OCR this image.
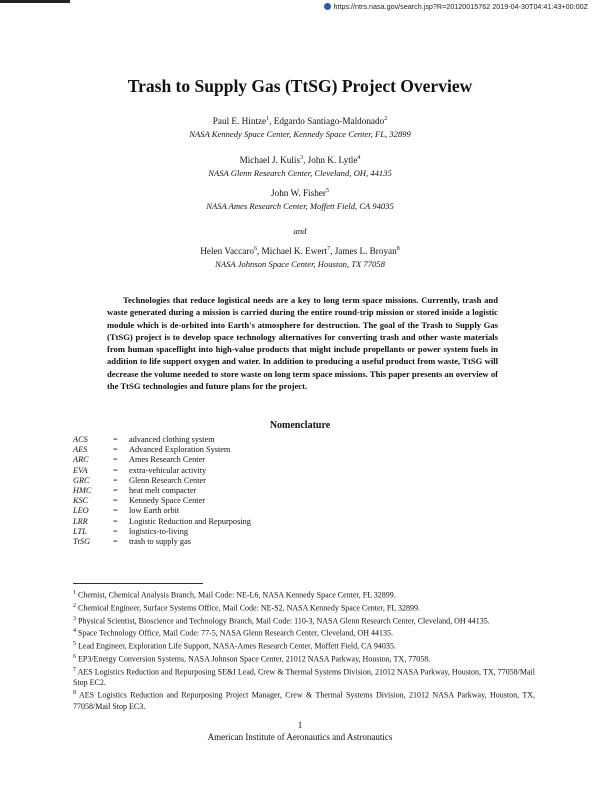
https://ntrs.nasa.gov/search.jsp?R=20120015762 2019-04-30T04:41:43+00:00Z
Trash to Supply Gas (TtSG) Project Overview
Paul E. Hintze$^1$, Edgardo Santiago-Maldonado$^2$
NASA Kennedy Space Center, Kennedy Space Center, FL, 32899
Michael J. Kulis$^3$, John K. Lytle$^4$
NASA Glenn Research Center, Cleveland, OH, 44135
John W. Fisher$^5$
NASA Ames Research Center, Moffett Field, CA 94035
and
Helen Vaccaro$^6$, Michael K. Ewert$^7$, James L. Broyan$^8$
NASA Johnson Space Center, Houston, TX 77058
Technologies that reduce logistical needs are a key to long term space missions. Currently, trash and waste generated during a mission is carried during the entire round-trip mission or stored inside a logistic module which is de-orbited into Earth's atmosphere for destruction. The goal of the Trash to Supply Gas (TtSG) project is to develop space technology alternatives for converting trash and other waste materials from human spaceflight into high-value products that might include propellants or power system fuels in addition to life support oxygen and water. In addition to producing a useful product from waste, TtSG will decrease the volume needed to store waste on long term space missions. This paper presents an overview of the TtSG technologies and future plans for the project.
Nomenclature
ACS	= advanced clothing system
AES	= Advanced Exploration System
ARC	= Ames Research Center
EVA	= extra-vehicular activity
GRC	= Glenn Research Center
HMC	= heat melt compacter
KSC	= Kennedy Space Center
LEO	= low Earth orbit
LRR	= Logistic Reduction and Repurposing
LTL	= logistics-to-living
TtSG	= trash to supply gas
$^1$ Chemist, Chemical Analysis Branch, Mail Code: NE-L6, NASA Kennedy Space Center, FL 32899.
$^2$ Chemical Engineer, Surface Systems Office, Mail Code: NE-S2, NASA Kennedy Space Center, FL 32899.
$^3$ Physical Scientist, Bioscience and Technology Branch, Mail Code: 110-3, NASA Glenn Research Center, Cleveland, OH 44135.
$^4$ Space Technology Office, Mail Code: 77-5, NASA Glenn Research Center, Cleveland, OH 44135.
$^5$ Lead Engineer, Exploration Life Support, NASA-Ames Research Center, Moffett Field, CA 94035.
$^6$ EP3/Energy Conversion Systems, NASA Johnson Space Center, 21012 NASA Parkway, Houston, TX, 77058.
$^7$ AES Logistics Reduction and Repurposing SE&I Lead, Crew & Thermal Systems Division, 21012 NASA Parkway, Houston, TX, 77058/Mail Stop EC2.
$^8$ AES Logistics Reduction and Repurposing Project Manager, Crew & Thermal Systems Division, 21012 NASA Parkway, Houston, TX, 77058/Mail Stop EC3.
1
American Institute of Aeronautics and Astronautics
